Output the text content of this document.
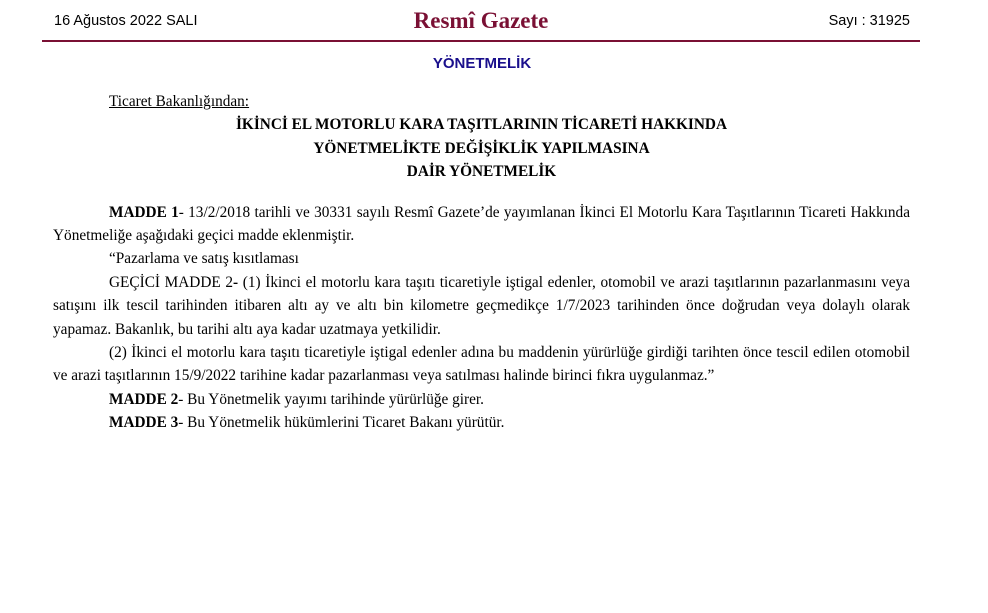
16 Ağustos 2022 SALI	Resmî Gazete	Sayı : 31925
YÖNETMELİK
Ticaret Bakanlığından:
İKİNCİ EL MOTORLU KARA TAŞITLARININ TİCARETİ HAKKINDA
YÖNETMELİKTE DEĞİŞİKLİK YAPILMASINA
DAİR YÖNETMELİK
MADDE 1- 13/2/2018 tarihli ve 30331 sayılı Resmî Gazete’de yayımlanan İkinci El Motorlu Kara Taşıtlarının Ticareti Hakkında Yönetmeliğe aşağıdaki geçici madde eklenmiştir.
“Pazarlama ve satış kısıtlaması
GEÇİCİ MADDE 2- (1) İkinci el motorlu kara taşıtı ticaretiyle iştigal edenler, otomobil ve arazi taşıtlarının pazarlanmasını veya satışını ilk tescil tarihinden itibaren altı ay ve altı bin kilometre geçmedikçe 1/7/2023 tarihinden önce doğrudan veya dolaylı olarak yapamaz. Bakanlık, bu tarihi altı aya kadar uzatmaya yetkilidir.
(2) İkinci el motorlu kara taşıtı ticaretiyle iştigal edenler adına bu maddenin yürürlüğe girdiği tarihten önce tescil edilen otomobil ve arazi taşıtlarının 15/9/2022 tarihine kadar pazarlanması veya satılması halinde birinci fıkra uygulanmaz.”
MADDE 2- Bu Yönetmelik yayımı tarihinde yürürlüğe girer.
MADDE 3- Bu Yönetmelik hükümlerini Ticaret Bakanı yürütür.
